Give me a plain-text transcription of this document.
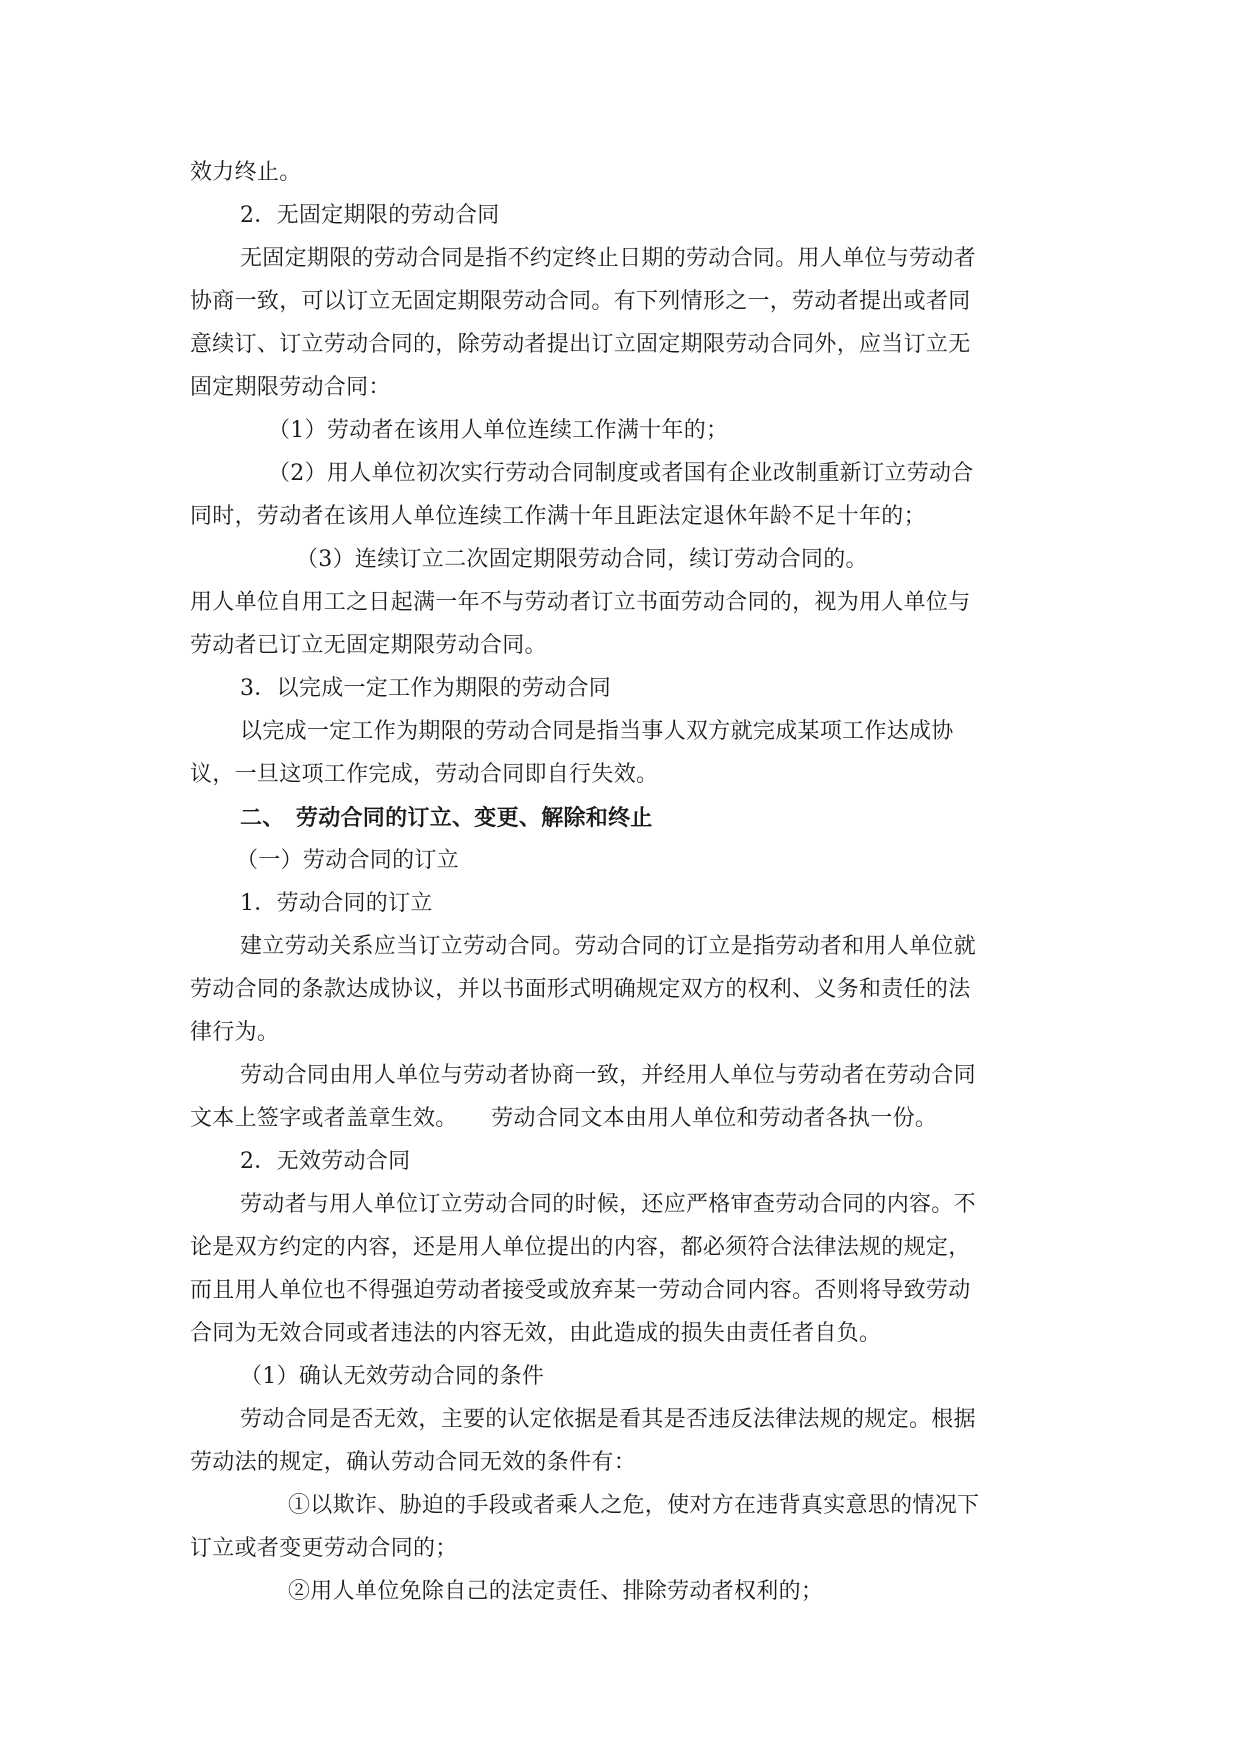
效力终止。
2．无固定期限的劳动合同
无固定期限的劳动合同是指不约定终止日期的劳动合同。用人单位与劳动者
协商一致，可以订立无固定期限劳动合同。有下列情形之一，劳动者提出或者同
意续订、订立劳动合同的，除劳动者提出订立固定期限劳动合同外，应当订立无
固定期限劳动合同：
（1）劳动者在该用人单位连续工作满十年的；
（2）用人单位初次实行劳动合同制度或者国有企业改制重新订立劳动合
同时，劳动者在该用人单位连续工作满十年且距法定退休年龄不足十年的；
（3）连续订立二次固定期限劳动合同，续订劳动合同的。
用人单位自用工之日起满一年不与劳动者订立书面劳动合同的，视为用人单位与
劳动者已订立无固定期限劳动合同。
3．以完成一定工作为期限的劳动合同
以完成一定工作为期限的劳动合同是指当事人双方就完成某项工作达成协
议，一旦这项工作完成，劳动合同即自行失效。
二、　劳动合同的订立、变更、解除和终止
（一）劳动合同的订立
1．劳动合同的订立
建立劳动关系应当订立劳动合同。劳动合同的订立是指劳动者和用人单位就
劳动合同的条款达成协议，并以书面形式明确规定双方的权利、义务和责任的法
律行为。
劳动合同由用人单位与劳动者协商一致，并经用人单位与劳动者在劳动合同
文本上签字或者盖章生效。　　劳动合同文本由用人单位和劳动者各执一份。
2．无效劳动合同
劳动者与用人单位订立劳动合同的时候，还应严格审查劳动合同的内容。不
论是双方约定的内容，还是用人单位提出的内容，都必须符合法律法规的规定，
而且用人单位也不得强迫劳动者接受或放弃某一劳动合同内容。否则将导致劳动
合同为无效合同或者违法的内容无效，由此造成的损失由责任者自负。
（1）确认无效劳动合同的条件
劳动合同是否无效，主要的认定依据是看其是否违反法律法规的规定。根据
劳动法的规定，确认劳动合同无效的条件有：
①以欺诈、胁迫的手段或者乘人之危，使对方在违背真实意思的情况下
订立或者变更劳动合同的；
②用人单位免除自己的法定责任、排除劳动者权利的；
